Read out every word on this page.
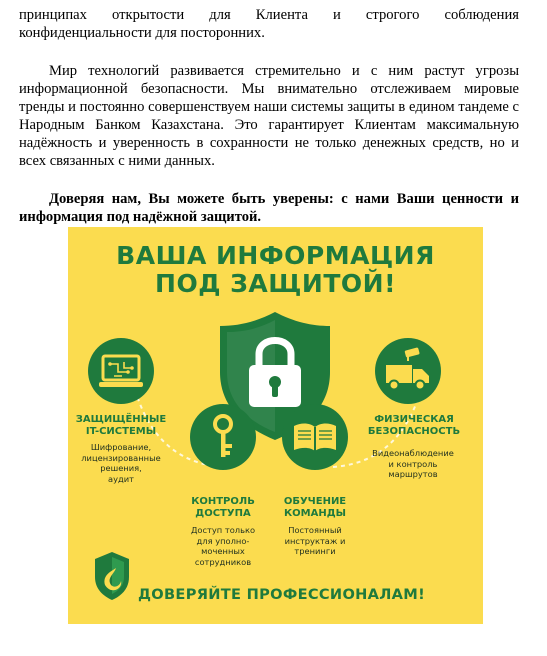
принципах открытости для Клиента и строгого соблюдения конфиденциальности для посторонних.

Мир технологий развивается стремительно и с ним растут угрозы информационной безопасности. Мы внимательно отслеживаем мировые тренды и постоянно совершенствуем наши системы защиты в едином тандеме с Народным Банком Казахстана. Это гарантирует Клиентам максимальную надёжность и уверенность в сохранности не только денежных средств, но и всех связанных с ними данных.

Доверяя нам, Вы можете быть уверены: с нами Ваши ценности и информация под надёжной защитой.

ВАША ИНФОРМАЦИЯ
ПОД ЗАЩИТОЙ!
ЗАЩИЩЁННЫЕ
IT-СИСТЕМЫ
Шифрование,
лицензированные
решения,
аудит
КОНТРОЛЬ
ДОСТУПА
Доступ только
для уполно-
моченных
сотрудников
ОБУЧЕНИЕ
КОМАНДЫ
Постоянный
инструктаж и
тренинги
ФИЗИЧЕСКАЯ
БЕЗОПАСНОСТЬ
Видеонаблюдение
и контроль
маршрутов
ДОВЕРЯЙТЕ ПРОФЕССИОНАЛАМ!
